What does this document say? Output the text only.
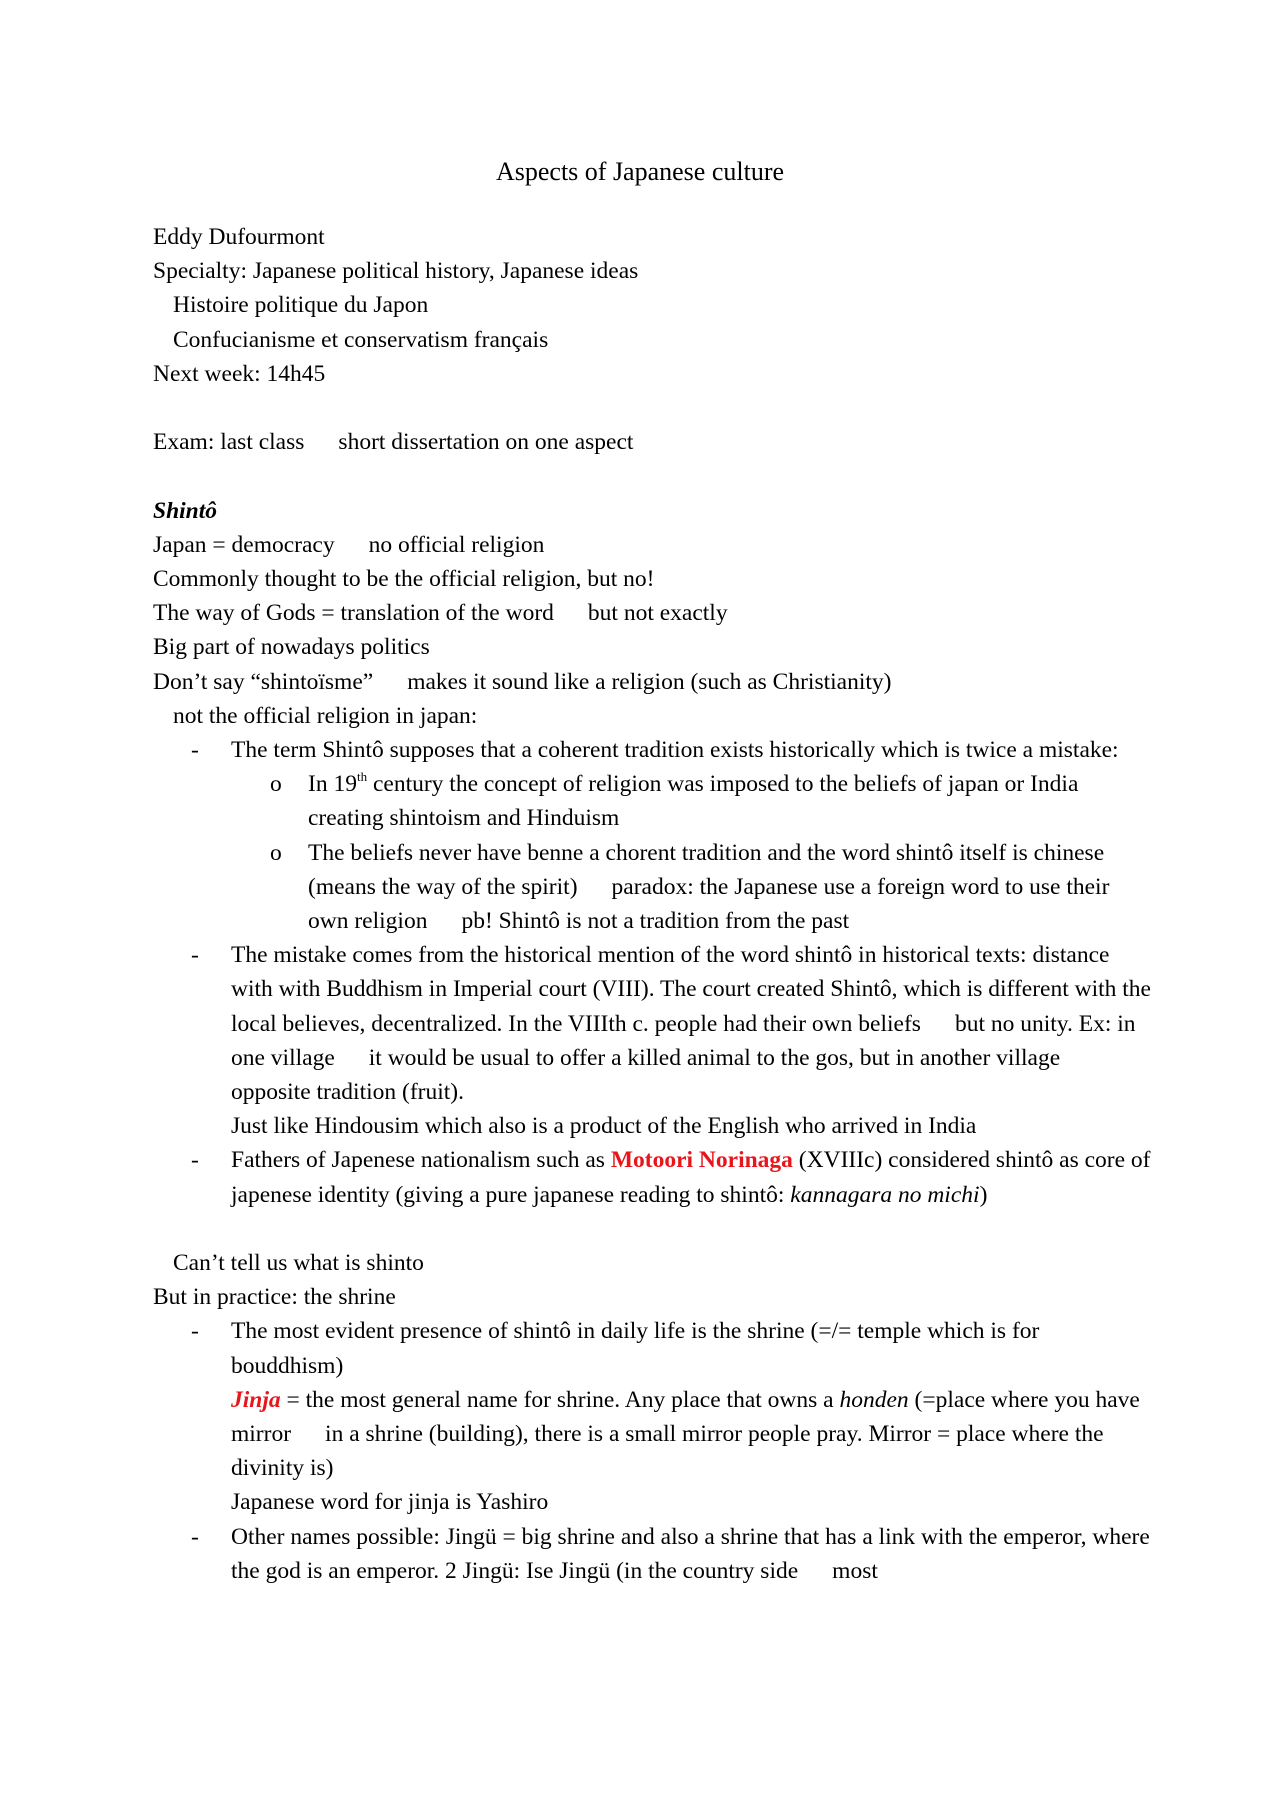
Aspects of Japanese culture
Eddy Dufourmont
Specialty: Japanese political history, Japanese ideas
Histoire politique du Japon
Confucianisme et conservatism français
Next week: 14h45
Exam: last class short dissertation on one aspect
Shintô
Japan = democracy no official religion
Commonly thought to be the official religion, but no!
The way of Gods = translation of the word but not exactly
Big part of nowadays politics
Don’t say “shintoïsme” makes it sound like a religion (such as Christianity)
not the official religion in japan:
- The term Shintô supposes that a coherent tradition exists historically which is twice a mistake:
o In 19th century the concept of religion was imposed to the beliefs of japan or India creating shintoism and Hinduism
o The beliefs never have benne a chorent tradition and the word shintô itself is chinese (means the way of the spirit) paradox: the Japanese use a foreign word to use their own religion pb! Shintô is not a tradition from the past
- The mistake comes from the historical mention of the word shintô in historical texts: distance with with Buddhism in Imperial court (VIII). The court created Shintô, which is different with the local believes, decentralized. In the VIIIth c. people had their own beliefs but no unity. Ex: in one village it would be usual to offer a killed animal to the gos, but in another villageopposite tradition (fruit).
Just like Hindousim which also is a product of the English who arrived in India
- Fathers of Japenese nationalism such as Motoori Norinaga (XVIIIc) considered shintô as core of japenese identity (giving a pure japanese reading to shintô: kannagara no michi)
Can’t tell us what is shinto
But in practice: the shrine
- The most evident presence of shintô in daily life is the shrine (=/= temple which is for bouddhism)
Jinja = the most general name for shrine. Any place that owns a honden (=place where you have mirror in a shrine (building), there is a small mirror people pray. Mirror = place where the divinity is)
Japanese word for jinja is Yashiro
- Other names possible: Jingü = big shrine and also a shrine that has a link with the emperor, where the god is an emperor. 2 Jingü: Ise Jingü (in the country side most
